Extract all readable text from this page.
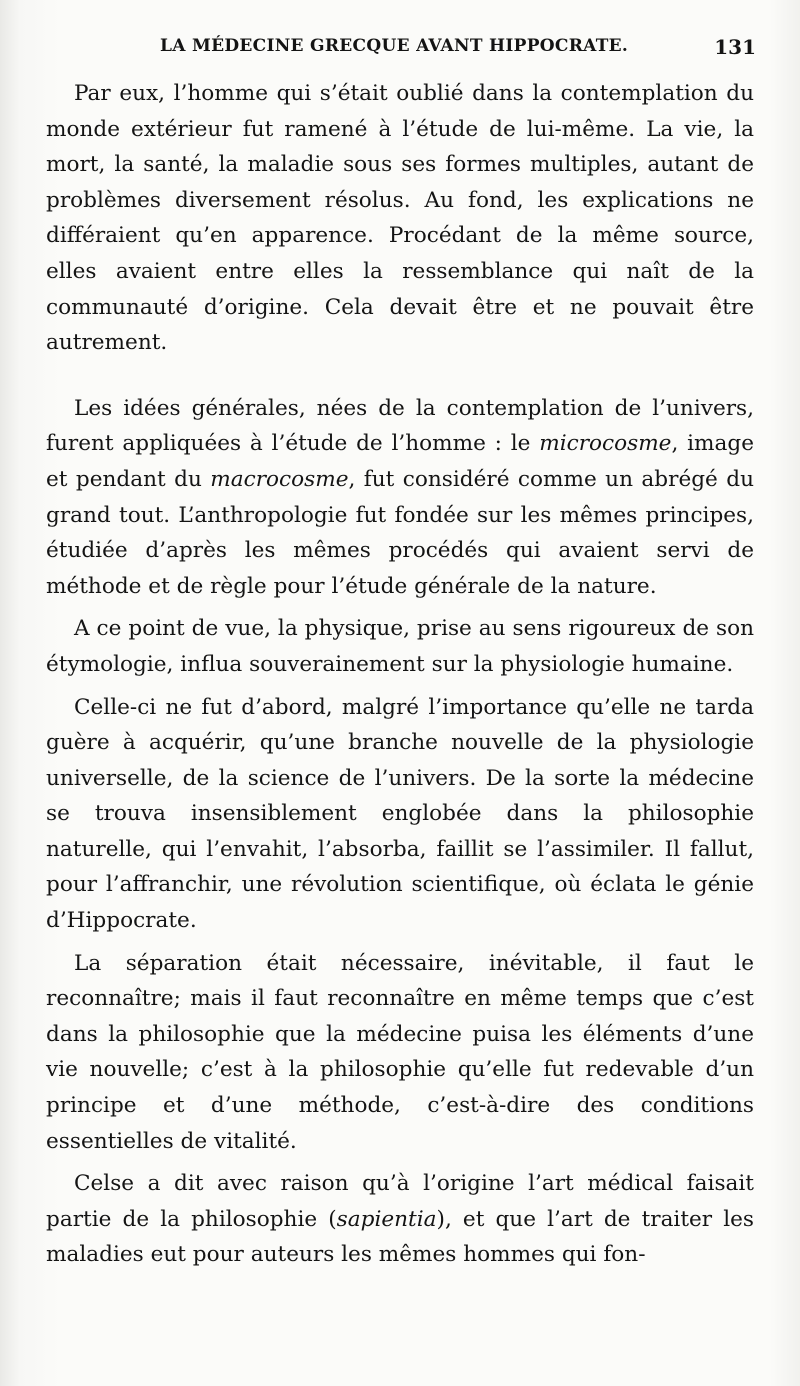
LA MÉDECINE GRECQUE AVANT HIPPOCRATE.	131

Par eux, l’homme qui s’était oublié dans la contemplation du monde extérieur fut ramené à l’étude de lui-même. La vie, la mort, la santé, la maladie sous ses formes multiples, autant de problèmes diversement résolus. Au fond, les explications ne différaient qu’en apparence. Procédant de la même source, elles avaient entre elles la ressemblance qui naît de la communauté d’origine. Cela devait être et ne pouvait être autrement.

Les idées générales, nées de la contemplation de l’univers, furent appliquées à l’étude de l’homme : le microcosme, image et pendant du macrocosme, fut considéré comme un abrégé du grand tout. L’anthropologie fut fondée sur les mêmes principes, étudiée d’après les mêmes procédés qui avaient servi de méthode et de règle pour l’étude générale de la nature.

A ce point de vue, la physique, prise au sens rigoureux de son étymologie, influa souverainement sur la physiologie humaine.

Celle-ci ne fut d’abord, malgré l’importance qu’elle ne tarda guère à acquérir, qu’une branche nouvelle de la physiologie universelle, de la science de l’univers. De la sorte la médecine se trouva insensiblement englobée dans la philosophie naturelle, qui l’envahit, l’absorba, faillit se l’assimiler. Il fallut, pour l’affranchir, une révolution scientifique, où éclata le génie d’Hippocrate.

La séparation était nécessaire, inévitable, il faut le reconnaître; mais il faut reconnaître en même temps que c’est dans la philosophie que la médecine puisa les éléments d’une vie nouvelle; c’est à la philosophie qu’elle fut redevable d’un principe et d’une méthode, c’est-à-dire des conditions essentielles de vitalité.

Celse a dit avec raison qu’à l’origine l’art médical faisait partie de la philosophie (sapientia), et que l’art de traiter les maladies eut pour auteurs les mêmes hommes qui fon-
